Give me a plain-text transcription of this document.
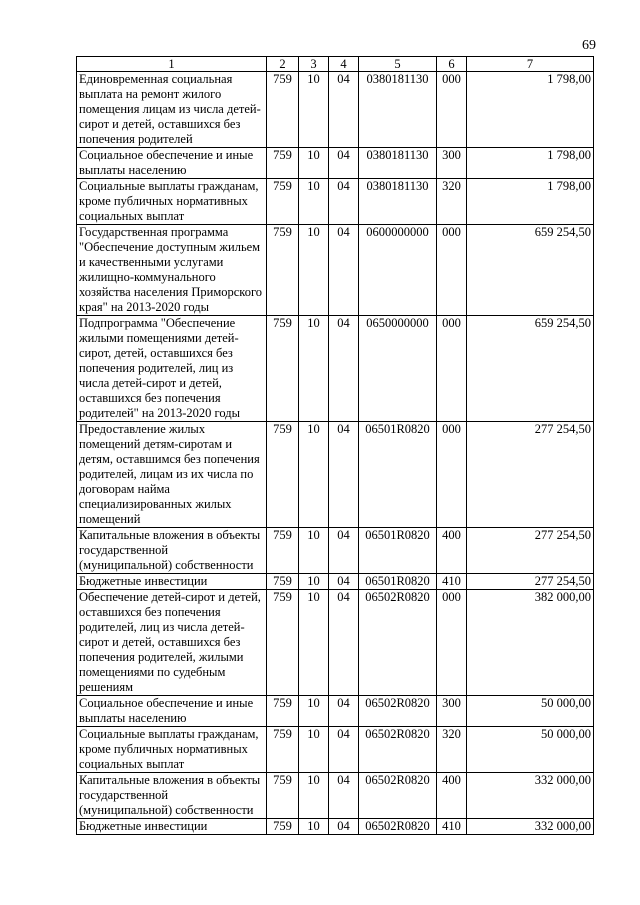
69
1	2	3	4	5	6	7
Единовременная социальная выплата на ремонт жилого помещения лицам из числа детей-сирот и детей, оставшихся без попечения родителей	759	10	04	0380181130	000	1 798,00
Социальное обеспечение и иные выплаты населению	759	10	04	0380181130	300	1 798,00
Социальные выплаты гражданам, кроме публичных нормативных социальных выплат	759	10	04	0380181130	320	1 798,00
Государственная программа "Обеспечение доступным жильем и качественными услугами жилищно-коммунального хозяйства населения Приморского края" на 2013-2020 годы	759	10	04	0600000000	000	659 254,50
Подпрограмма "Обеспечение жилыми помещениями детей-сирот, детей, оставшихся без попечения родителей, лиц из числа детей-сирот и детей, оставшихся без попечения родителей" на 2013-2020 годы	759	10	04	0650000000	000	659 254,50
Предоставление жилых помещений детям-сиротам и детям, оставшимся без попечения родителей, лицам из их числа по договорам найма специализированных жилых помещений	759	10	04	06501R0820	000	277 254,50
Капитальные вложения в объекты государственной (муниципальной) собственности	759	10	04	06501R0820	400	277 254,50
Бюджетные инвестиции	759	10	04	06501R0820	410	277 254,50
Обеспечение детей-сирот и детей, оставшихся без попечения родителей, лиц из числа детей-сирот и детей, оставшихся без попечения родителей, жилыми помещениями по судебным решениям	759	10	04	06502R0820	000	382 000,00
Социальное обеспечение и иные выплаты населению	759	10	04	06502R0820	300	50 000,00
Социальные выплаты гражданам, кроме публичных нормативных социальных выплат	759	10	04	06502R0820	320	50 000,00
Капитальные вложения в объекты государственной (муниципальной) собственности	759	10	04	06502R0820	400	332 000,00
Бюджетные инвестиции	759	10	04	06502R0820	410	332 000,00
